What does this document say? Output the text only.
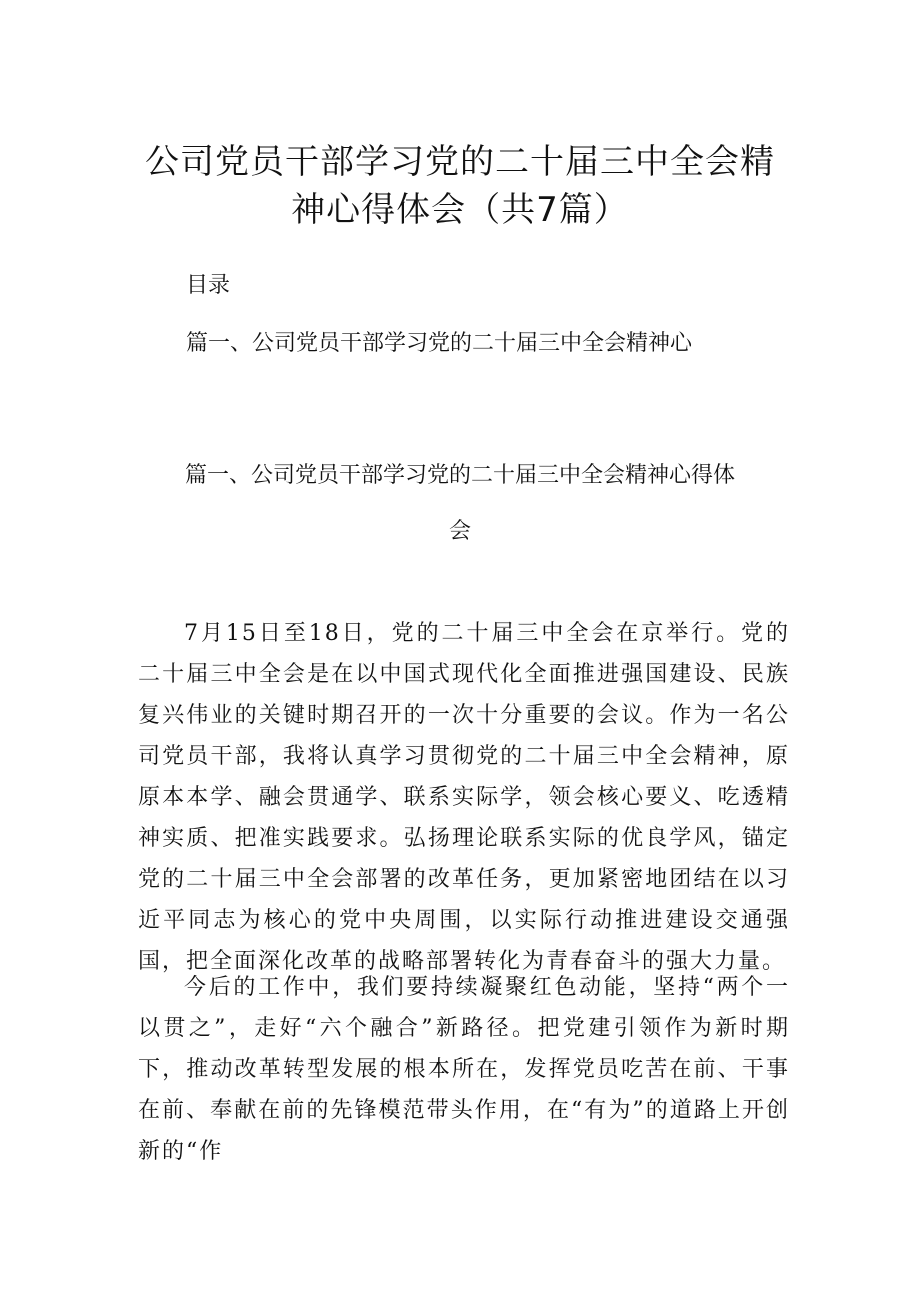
公司党员干部学习党的二十届三中全会精
神心得体会（共7篇）
目录
篇一、公司党员干部学习党的二十届三中全会精神心
篇一、公司党员干部学习党的二十届三中全会精神心得体
会

7月15日至18日，党的二十届三中全会在京举行。党的二十届三中全会是在以中国式现代化全面推进强国建设、民族复兴伟业的关键时期召开的一次十分重要的会议。作为一名公司党员干部，我将认真学习贯彻党的二十届三中全会精神，原原本本学、融会贯通学、联系实际学，领会核心要义、吃透精神实质、把准实践要求。弘扬理论联系实际的优良学风，锚定党的二十届三中全会部署的改革任务，更加紧密地团结在以习近平同志为核心的党中央周围，以实际行动推进建设交通强国，把全面深化改革的战略部署转化为青春奋斗的强大力量。

今后的工作中，我们要持续凝聚红色动能，坚持“两个一以贯之”，走好“六个融合”新路径。把党建引领作为新时期下，推动改革转型发展的根本所在，发挥党员吃苦在前、干事在前、奉献在前的先锋模范带头作用，在“有为”的道路上开创新的“作
